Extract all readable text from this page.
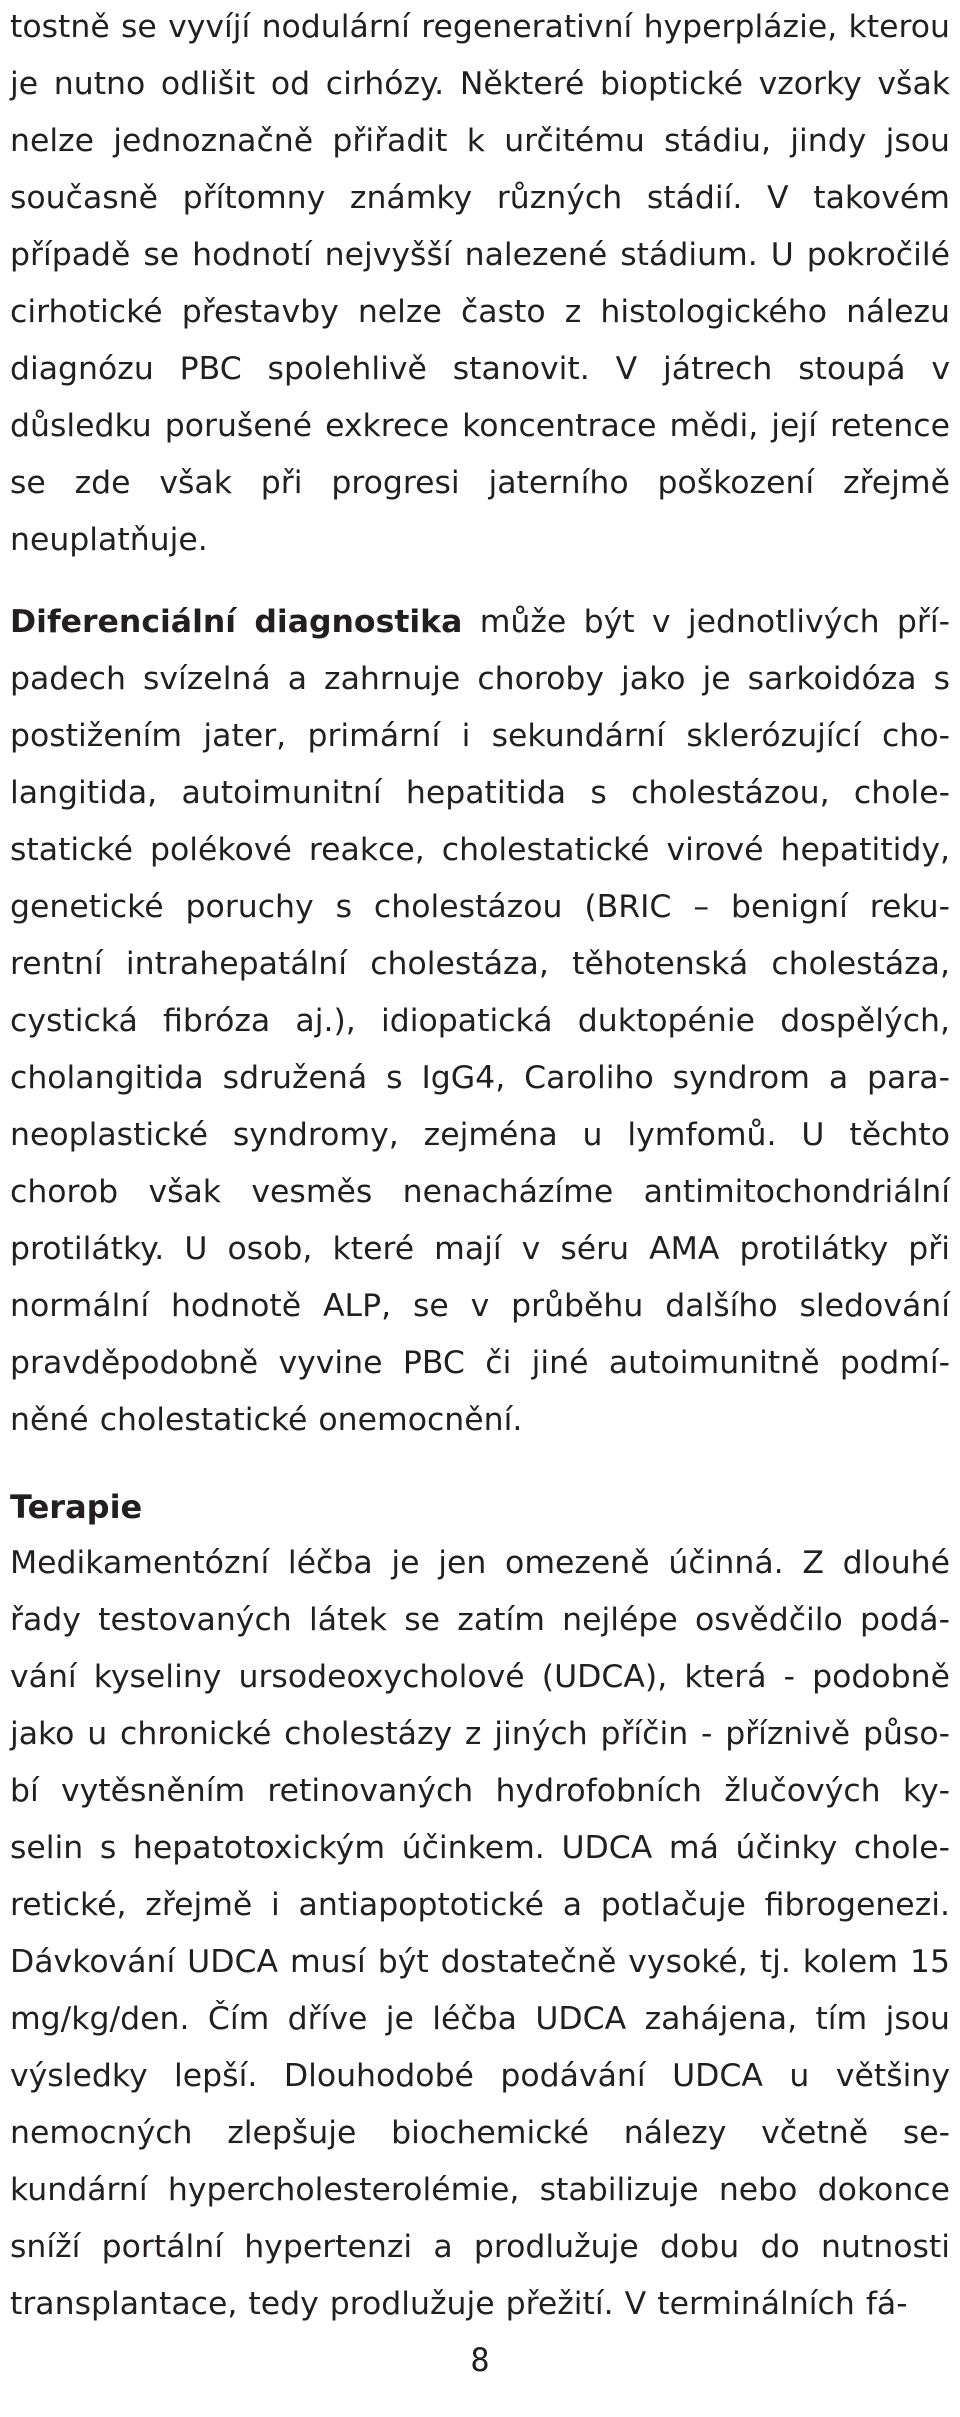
tostně se vyvíjí nodulární regenerativní hyperplázie, kterou je nutno odlišit od cirhózy. Některé bioptické vzorky však nelze jednoznačně přiřadit k určitému stádiu, jindy jsou současně přítomny známky různých stádií. V takovém případě se hodnotí nejvyšší nalezené stádium. U pokročilé cirhotické přestavby nelze často z histologického nálezu diagnózu PBC spolehlivě stanovit. V játrech stoupá v důsledku porušené exkrece koncentrace mědi, její retence se zde však při progresi jaterního poškození zřejmě neuplatňuje.

Diferenciální diagnostika může být v jednotlivých případech svízelná a zahrnuje choroby jako je sarkoidóza s postižením jater, primární i sekundární sklerózující cholangitida, autoimunitní hepatitida s cholestázou, cholestatické polékové reakce, cholestatické virové hepatitidy, genetické poruchy s cholestázou (BRIC – benigní rekurentní intrahepatální cholestáza, těhotenská cholestáza, cystická fibróza aj.), idiopatická duktopénie dospělých, cholangitida sdružená s IgG4, Caroliho syndrom a paraneoplastické syndromy, zejména u lymfomů. U těchto chorob však vesměs nenacházíme antimitochondriální protilátky. U osob, které mají v séru AMA protilátky při normální hodnotě ALP, se v průběhu dalšího sledování pravděpodobně vyvine PBC či jiné autoimunitně podmíněné cholestatické onemocnění.

Terapie

Medikamentózní léčba je jen omezeně účinná. Z dlouhé řady testovaných látek se zatím nejlépe osvědčilo podávání kyseliny ursodeoxycholové (UDCA), která - podobně jako u chronické cholestázy z jiných příčin - příznivě působí vytěsněním retinovaných hydrofobních žlučových kyselin s hepatotoxickým účinkem. UDCA má účinky choleretické, zřejmě i antiapoptotické a potlačuje fibrogenezi. Dávkování UDCA musí být dostatečně vysoké, tj. kolem 15 mg/kg/den. Čím dříve je léčba UDCA zahájena, tím jsou výsledky lepší. Dlouhodobé podávání UDCA u většiny nemocných zlepšuje biochemické nálezy včetně sekundární hypercholesterolémie, stabilizuje nebo dokonce sníží portální hypertenzi a prodlužuje dobu do nutnosti transplantace, tedy prodlužuje přežití. V terminálních fá-

8
